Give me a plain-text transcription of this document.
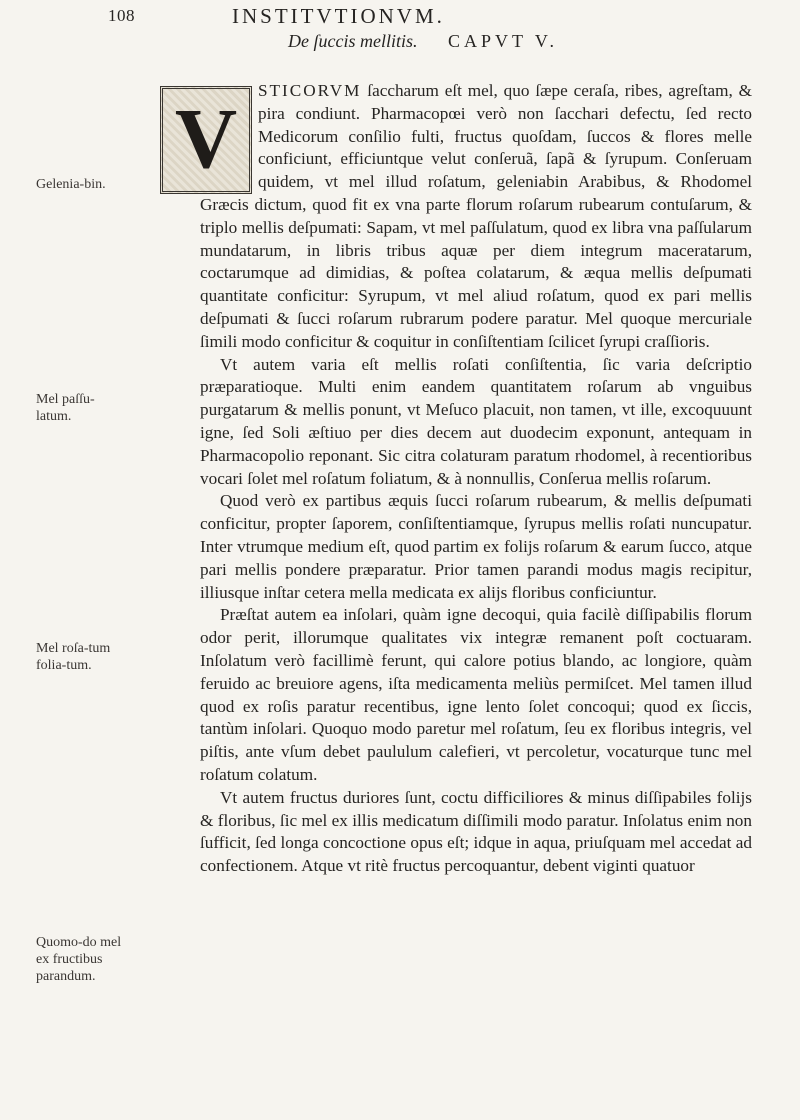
108	INSTITVTIONVM.
De ſuccis mellitis. CAPVT V.
V	STICORVM ſaccharum eſt mel, quo ſæpe ceraſa, ribes, agreſtam, & pira condiunt. Pharmacopœi verò non ſacchari defectu, ſed recto Medicorum conſilio fulti, fructus quoſdam, ſuccos & flores melle conficiunt, efficiuntque velut conſeruã, ſapã & ſyrupum. Conſeruam quidem, vt mel illud roſatum, geleniabin Arabibus, & Rhodomel Græcis dictum, quod fit ex vna parte florum roſarum rubearum contuſarum, & triplo mellis deſpumati: Sapam, vt mel paſſulatum, quod ex libra vna paſſularum mundatarum, in libris tribus aquæ per diem integrum maceratarum, coctarumque ad dimidias, & poſtea colatarum, & æqua mellis deſpumati quantitate conficitur: Syrupum, vt mel aliud roſatum, quod ex pari mellis deſpumati & ſucci roſarum rubrarum podere paratur. Mel quoque mercuriale ſimili modo conficitur & coquitur in conſiſtentiam ſcilicet ſyrupi craſſioris.

Vt autem varia eſt mellis roſati conſiſtentia, ſic varia deſcriptio præparatioque. Multi enim eandem quantitatem roſarum ab vnguibus purgatarum & mellis ponunt, vt Meſuco placuit, non tamen, vt ille, excoquuunt igne, ſed Soli æſtiuo per dies decem aut duodecim exponunt, antequam in Pharmacopolio reponant. Sic citra colaturam paratum rhodomel, à recentioribus vocari ſolet mel roſatum foliatum, & à nonnullis, Conſerua mellis roſarum.

Quod verò ex partibus æquis ſucci roſarum rubearum, & mellis deſpumati conficitur, propter ſaporem, conſiſtentiamque, ſyrupus mellis roſati nuncupatur. Inter vtrumque medium eſt, quod partim ex folijs roſarum & earum ſucco, atque pari mellis pondere præparatur. Prior tamen parandi modus magis recipitur, illiusque inſtar cetera mella medicata ex alijs floribus conficiuntur.

Præſtat autem ea inſolari, quàm igne decoqui, quia facilè diſſipabilis florum odor perit, illorumque qualitates vix integræ remanent poſt coctuaram. Inſolatum verò facillimè ferunt, qui calore potius blando, ac longiore, quàm feruido ac breuiore agens, iſta medicamenta meliùs permiſcet. Mel tamen illud quod ex roſis paratur recentibus, igne lento ſolet concoqui; quod ex ſiccis, tantùm inſolari. Quoquo modo paretur mel roſatum, ſeu ex floribus integris, vel piſtis, ante vſum debet paululum calefieri, vt percoletur, vocaturque tunc mel roſatum colatum.

Vt autem fructus duriores ſunt, coctu difficiliores & minus diſſipabiles folijs & floribus, ſic mel ex illis medicatum diſſimili modo paratur. Inſolatus enim non ſufficit, ſed longa concoctione opus eſt; idque in aqua, priuſquam mel accedat ad confectionem. Atque vt ritè fructus percoquantur, debent viginti quatuor

Gelenia-bin.
Mel paſſu-latum.
Mel roſa-tum folia-tum.
Quomo-do mel ex fructibus parandum.
